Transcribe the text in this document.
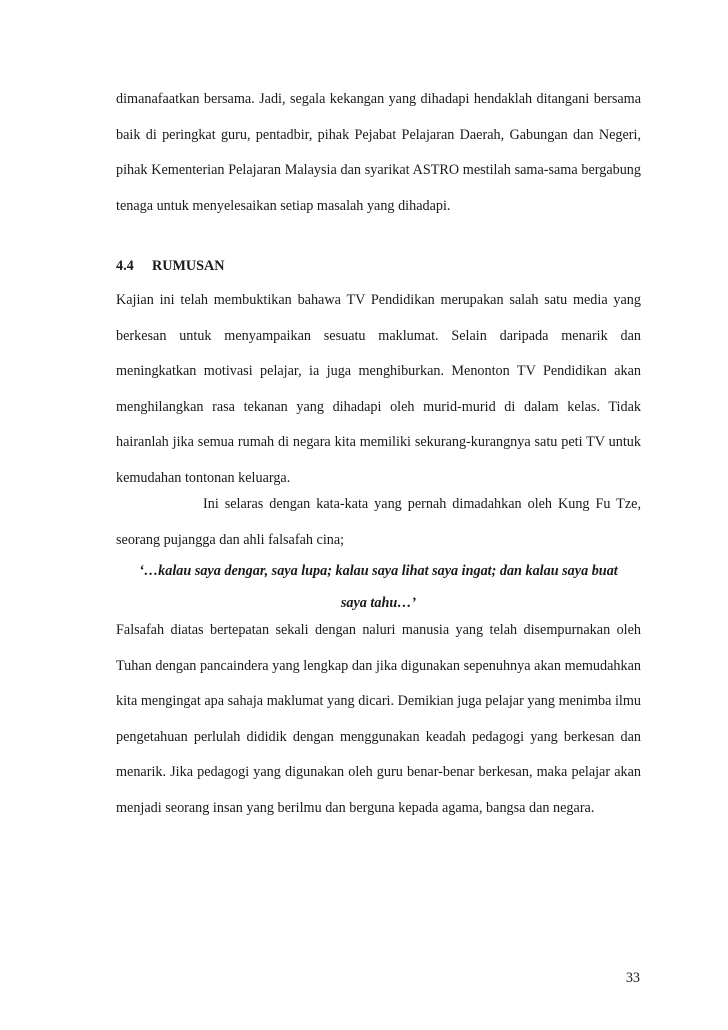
dimanafaatkan bersama. Jadi, segala kekangan yang dihadapi hendaklah ditangani bersama baik di peringkat guru, pentadbir, pihak Pejabat Pelajaran Daerah, Gabungan dan Negeri, pihak Kementerian Pelajaran Malaysia dan syarikat ASTRO mestilah sama-sama bergabung tenaga untuk menyelesaikan setiap masalah yang dihadapi.

4.4 RUMUSAN

Kajian ini telah membuktikan bahawa TV Pendidikan merupakan salah satu media yang berkesan untuk menyampaikan sesuatu maklumat. Selain daripada menarik dan meningkatkan motivasi pelajar, ia juga menghiburkan. Menonton TV Pendidikan akan menghilangkan rasa tekanan yang dihadapi oleh murid-murid di dalam kelas. Tidak hairanlah jika semua rumah di negara kita memiliki sekurang-kurangnya satu peti TV untuk kemudahan tontonan keluarga.

Ini selaras dengan kata-kata yang pernah dimadahkan oleh Kung Fu Tze, seorang pujangga dan ahli falsafah cina;

‘…kalau saya dengar, saya lupa; kalau saya lihat saya ingat; dan kalau saya buat

saya tahu…’

Falsafah diatas bertepatan sekali dengan naluri manusia yang telah disempurnakan oleh Tuhan dengan pancaindera yang lengkap dan jika digunakan sepenuhnya akan memudahkan kita mengingat apa sahaja maklumat yang dicari. Demikian juga pelajar yang menimba ilmu pengetahuan perlulah dididik dengan menggunakan keadah pedagogi yang berkesan dan menarik. Jika pedagogi yang digunakan oleh guru benar-benar berkesan, maka pelajar akan menjadi seorang insan yang berilmu dan berguna kepada agama, bangsa dan negara.

33
